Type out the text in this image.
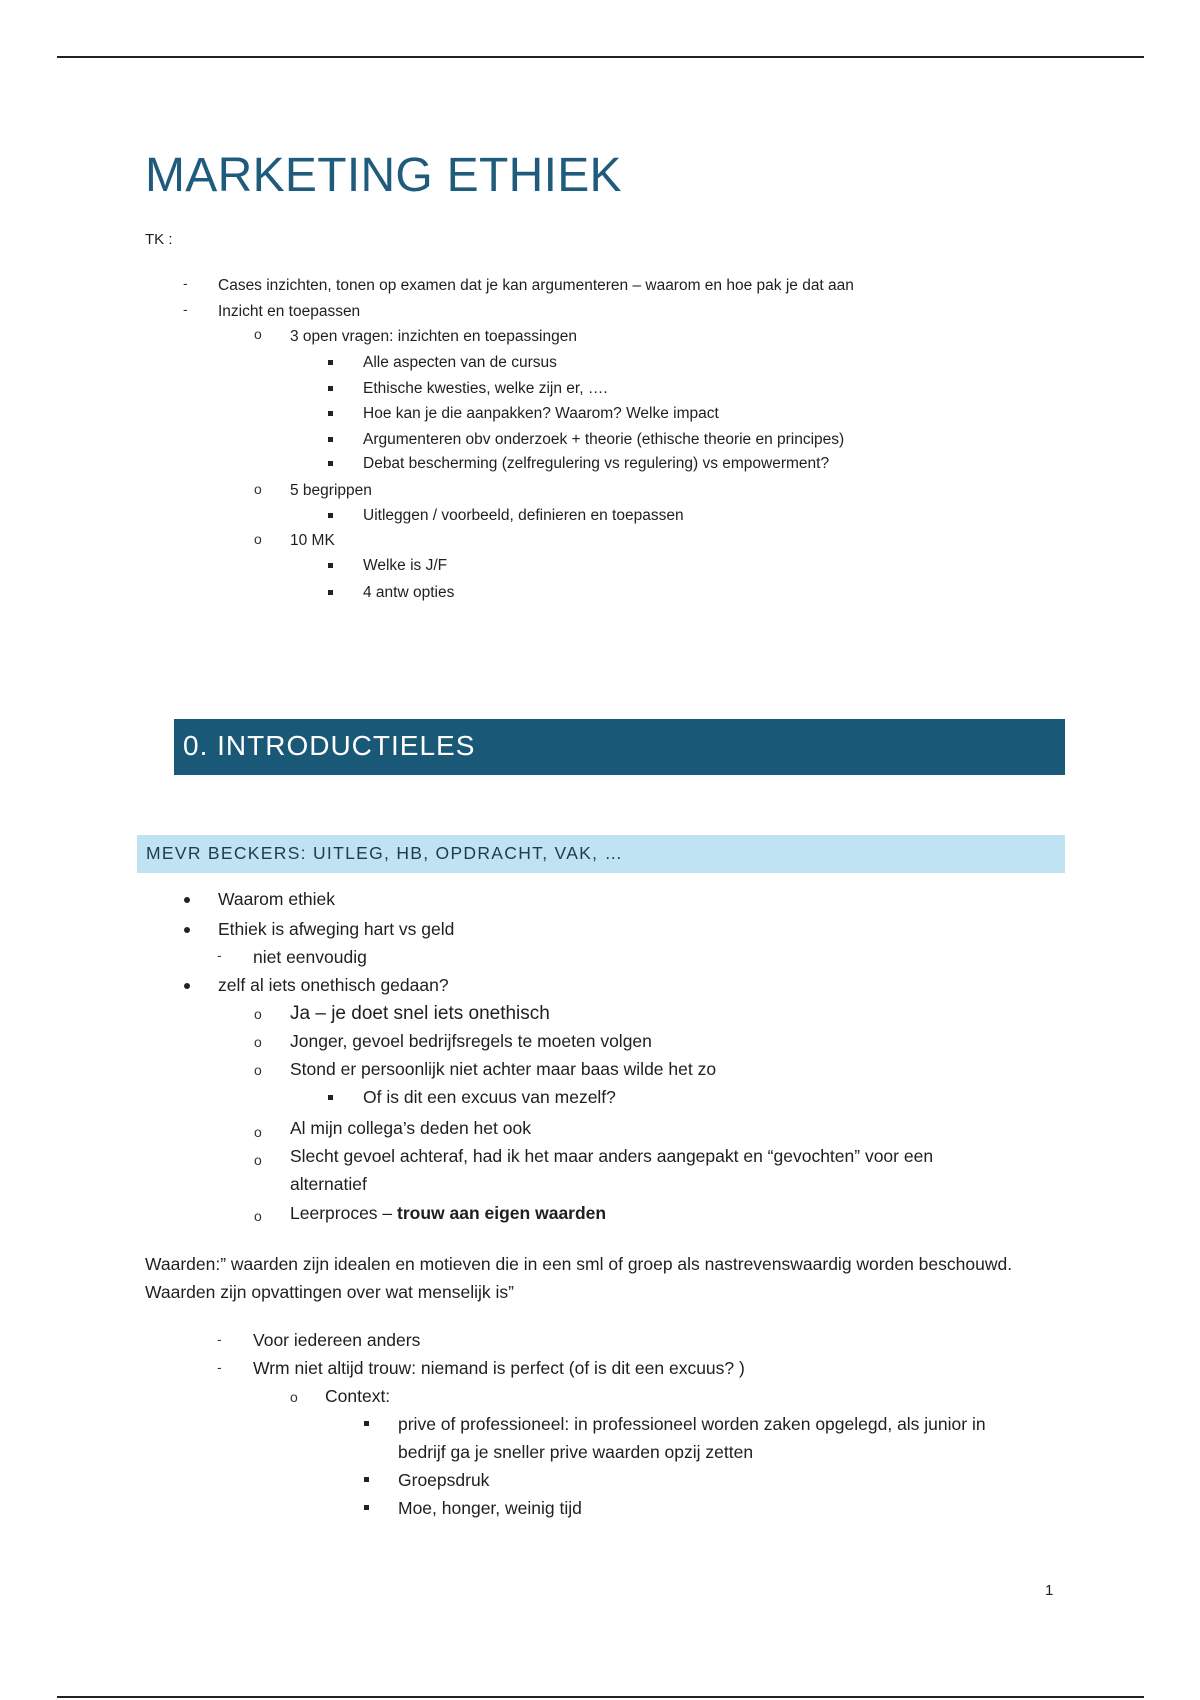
MARKETING ETHIEK
TK :
- Cases inzichten, tonen op examen dat je kan argumenteren – waarom en hoe pak je dat aan
- Inzicht en toepassen
o 3 open vragen: inzichten en toepassingen
Alle aspecten van de cursus
Ethische kwesties, welke zijn er, ….
Hoe kan je die aanpakken? Waarom? Welke impact
Argumenteren obv onderzoek + theorie (ethische theorie en principes)
Debat bescherming (zelfregulering vs regulering) vs empowerment?
o 5 begrippen
Uitleggen / voorbeeld, definieren en toepassen
o 10 MK
Welke is J/F
4 antw opties
0. INTRODUCTIELES
MEVR BECKERS: UITLEG, HB, OPDRACHT, VAK, …
Waarom ethiek
Ethiek is afweging hart vs geld
- niet eenvoudig
zelf al iets onethisch gedaan?
o Ja – je doet snel iets onethisch
o Jonger, gevoel bedrijfsregels te moeten volgen
o Stond er persoonlijk niet achter maar baas wilde het zo
Of is dit een excuus van mezelf?
o Al mijn collega’s deden het ook
o Slecht gevoel achteraf, had ik het maar anders aangepakt en “gevochten” voor een
alternatief
o Leerproces – trouw aan eigen waarden
Waarden:” waarden zijn idealen en motieven die in een sml of groep als nastrevenswaardig worden beschouwd. Waarden zijn opvattingen over wat menselijk is”
- Voor iedereen anders
- Wrm niet altijd trouw: niemand is perfect (of is dit een excuus? )
o Context:
prive of professioneel: in professioneel worden zaken opgelegd, als junior in
bedrijf ga je sneller prive waarden opzij zetten
Groepsdruk
Moe, honger, weinig tijd
1
